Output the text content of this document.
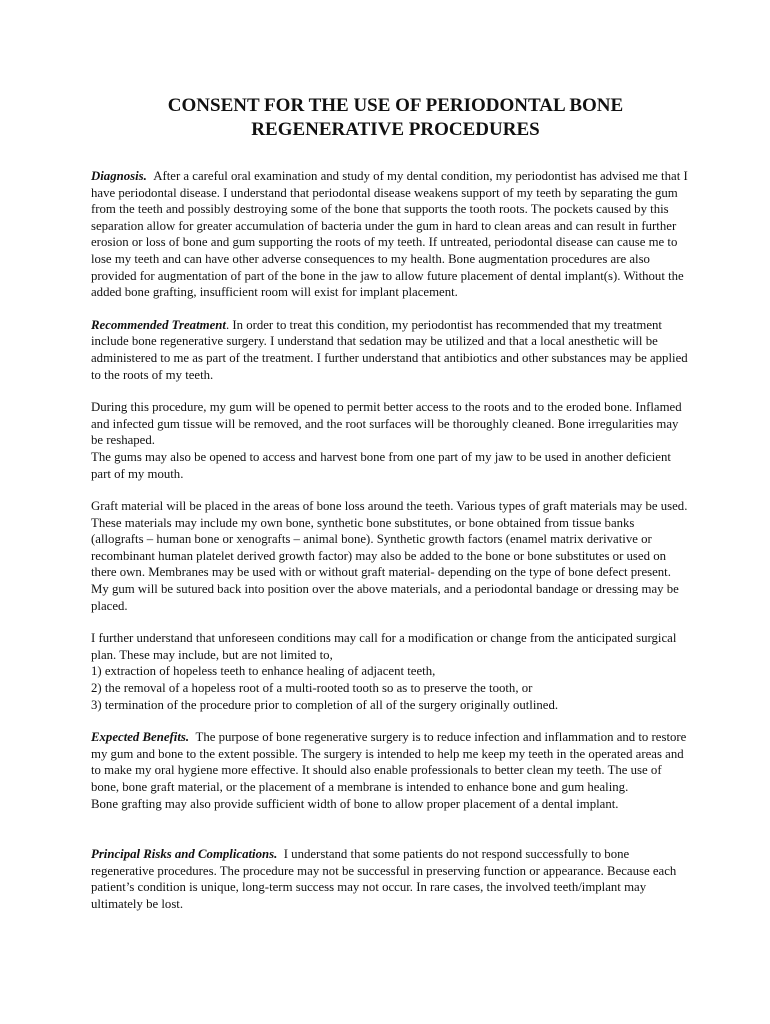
CONSENT FOR THE USE OF PERIODONTAL BONE
REGENERATIVE PROCEDURES

Diagnosis. After a careful oral examination and study of my dental condition, my periodontist has advised me that I have periodontal disease. I understand that periodontal disease weakens support of my teeth by separating the gum from the teeth and possibly destroying some of the bone that supports the tooth roots. The pockets caused by this separation allow for greater accumulation of bacteria under the gum in hard to clean areas and can result in further erosion or loss of bone and gum supporting the roots of my teeth. If untreated, periodontal disease can cause me to lose my teeth and can have other adverse consequences to my health. Bone augmentation procedures are also provided for augmentation of part of the bone in the jaw to allow future placement of dental implant(s). Without the added bone grafting, insufficient room will exist for implant placement.

Recommended Treatment. In order to treat this condition, my periodontist has recommended that my treatment include bone regenerative surgery. I understand that sedation may be utilized and that a local anesthetic will be administered to me as part of the treatment. I further understand that antibiotics and other substances may be applied to the roots of my teeth.

During this procedure, my gum will be opened to permit better access to the roots and to the eroded bone. Inflamed and infected gum tissue will be removed, and the root surfaces will be thoroughly cleaned. Bone irregularities may be reshaped.
The gums may also be opened to access and harvest bone from one part of my jaw to be used in another deficient part of my mouth.

Graft material will be placed in the areas of bone loss around the teeth. Various types of graft materials may be used. These materials may include my own bone, synthetic bone substitutes, or bone obtained from tissue banks (allografts – human bone or xenografts – animal bone). Synthetic growth factors (enamel matrix derivative or recombinant human platelet derived growth factor) may also be added to the bone or bone substitutes or used on there own. Membranes may be used with or without graft material- depending on the type of bone defect present. My gum will be sutured back into position over the above materials, and a periodontal bandage or dressing may be placed.

I further understand that unforeseen conditions may call for a modification or change from the anticipated surgical plan. These may include, but are not limited to,
1) extraction of hopeless teeth to enhance healing of adjacent teeth,
2) the removal of a hopeless root of a multi-rooted tooth so as to preserve the tooth, or
3) termination of the procedure prior to completion of all of the surgery originally outlined.

Expected Benefits. The purpose of bone regenerative surgery is to reduce infection and inflammation and to restore my gum and bone to the extent possible. The surgery is intended to help me keep my teeth in the operated areas and to make my oral hygiene more effective. It should also enable professionals to better clean my teeth. The use of bone, bone graft material, or the placement of a membrane is intended to enhance bone and gum healing.
Bone grafting may also provide sufficient width of bone to allow proper placement of a dental implant.

Principal Risks and Complications. I understand that some patients do not respond successfully to bone regenerative procedures. The procedure may not be successful in preserving function or appearance. Because each patient’s condition is unique, long-term success may not occur. In rare cases, the involved teeth/implant may ultimately be lost.
